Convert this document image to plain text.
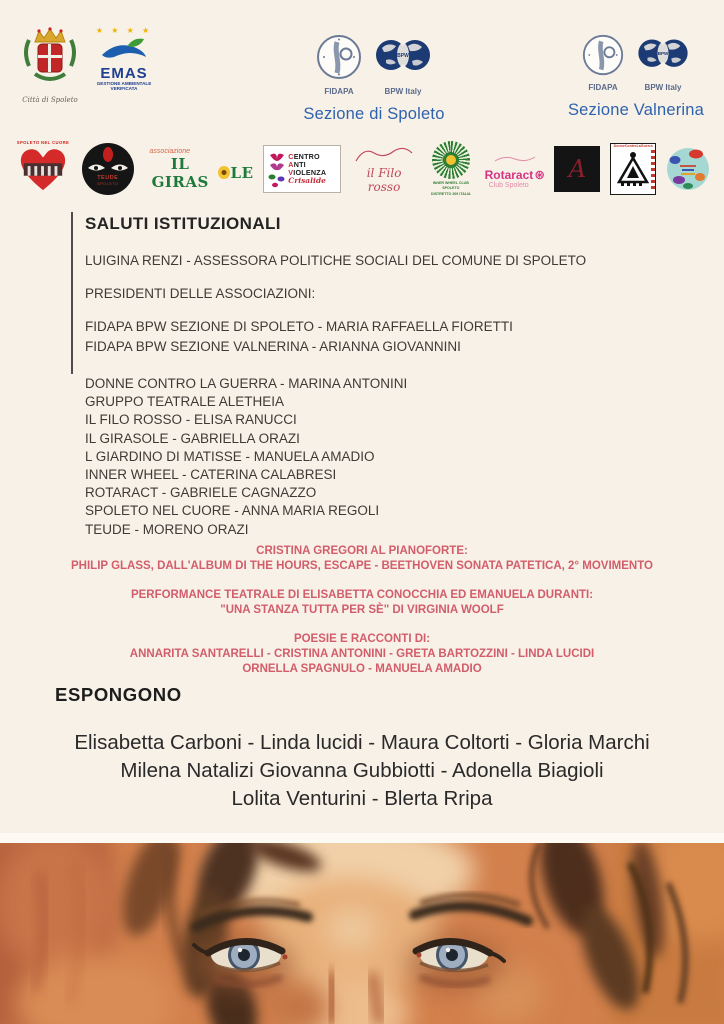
Città di Spoleto
★ ★ ★ ★
EMAS
GESTIONE AMBIENTALE
VERIFICATA	FIDAPA
BPW
BPW Italy
Sezione di Spoleto
FIDAPA
BPW
BPW Italy
Sezione Valnerina
SPOLETO NEL CUORE
TEUDE
SPOLETO
associazione
IL GIRAS	LE
CENTRO
ANTI
VIOLENZA
Crisalide
il Filo rosso	INNER WHEEL CLUB SPOLETO
DISTRETTO 209 ITALIA
Rotaract
Club Spoleto
A
DonneControLaGuerra
SALUTI ISTITUZIONALI
LUIGINA RENZI - ASSESSORA POLITICHE SOCIALI DEL COMUNE DI SPOLETO
PRESIDENTI DELLE ASSOCIAZIONI:
FIDAPA BPW SEZIONE DI SPOLETO - MARIA RAFFAELLA FIORETTI
FIDAPA BPW SEZIONE VALNERINA - ARIANNA GIOVANNINI
DONNE CONTRO LA GUERRA - MARINA ANTONINI
GRUPPO TEATRALE ALETHEIA
IL FILO ROSSO - ELISA RANUCCI
IL GIRASOLE - GABRIELLA ORAZI
L GIARDINO DI MATISSE - MANUELA AMADIO
INNER WHEEL - CATERINA CALABRESI
ROTARACT - GABRIELE CAGNAZZO
SPOLETO NEL CUORE - ANNA MARIA REGOLI
TEUDE - MORENO ORAZI
CRISTINA GREGORI AL PIANOFORTE:
PHILIP GLASS, DALL'ALBUM DI THE HOURS, ESCAPE - BEETHOVEN SONATA PATETICA, 2° MOVIMENTO
PERFORMANCE TEATRALE DI ELISABETTA CONOCCHIA ED EMANUELA DURANTI:
"UNA STANZA TUTTA PER SÈ" DI VIRGINIA WOOLF
POESIE E RACCONTI DI:
ANNARITA SANTARELLI - CRISTINA ANTONINI - GRETA BARTOZZINI - LINDA LUCIDI
ORNELLA SPAGNULO - MANUELA AMADIO
ESPONGONO
Elisabetta Carboni - Linda lucidi - Maura Coltorti - Gloria Marchi
Milena Natalizi Giovanna Gubbiotti - Adonella Biagioli
Lolita Venturini - Blerta Rripa
